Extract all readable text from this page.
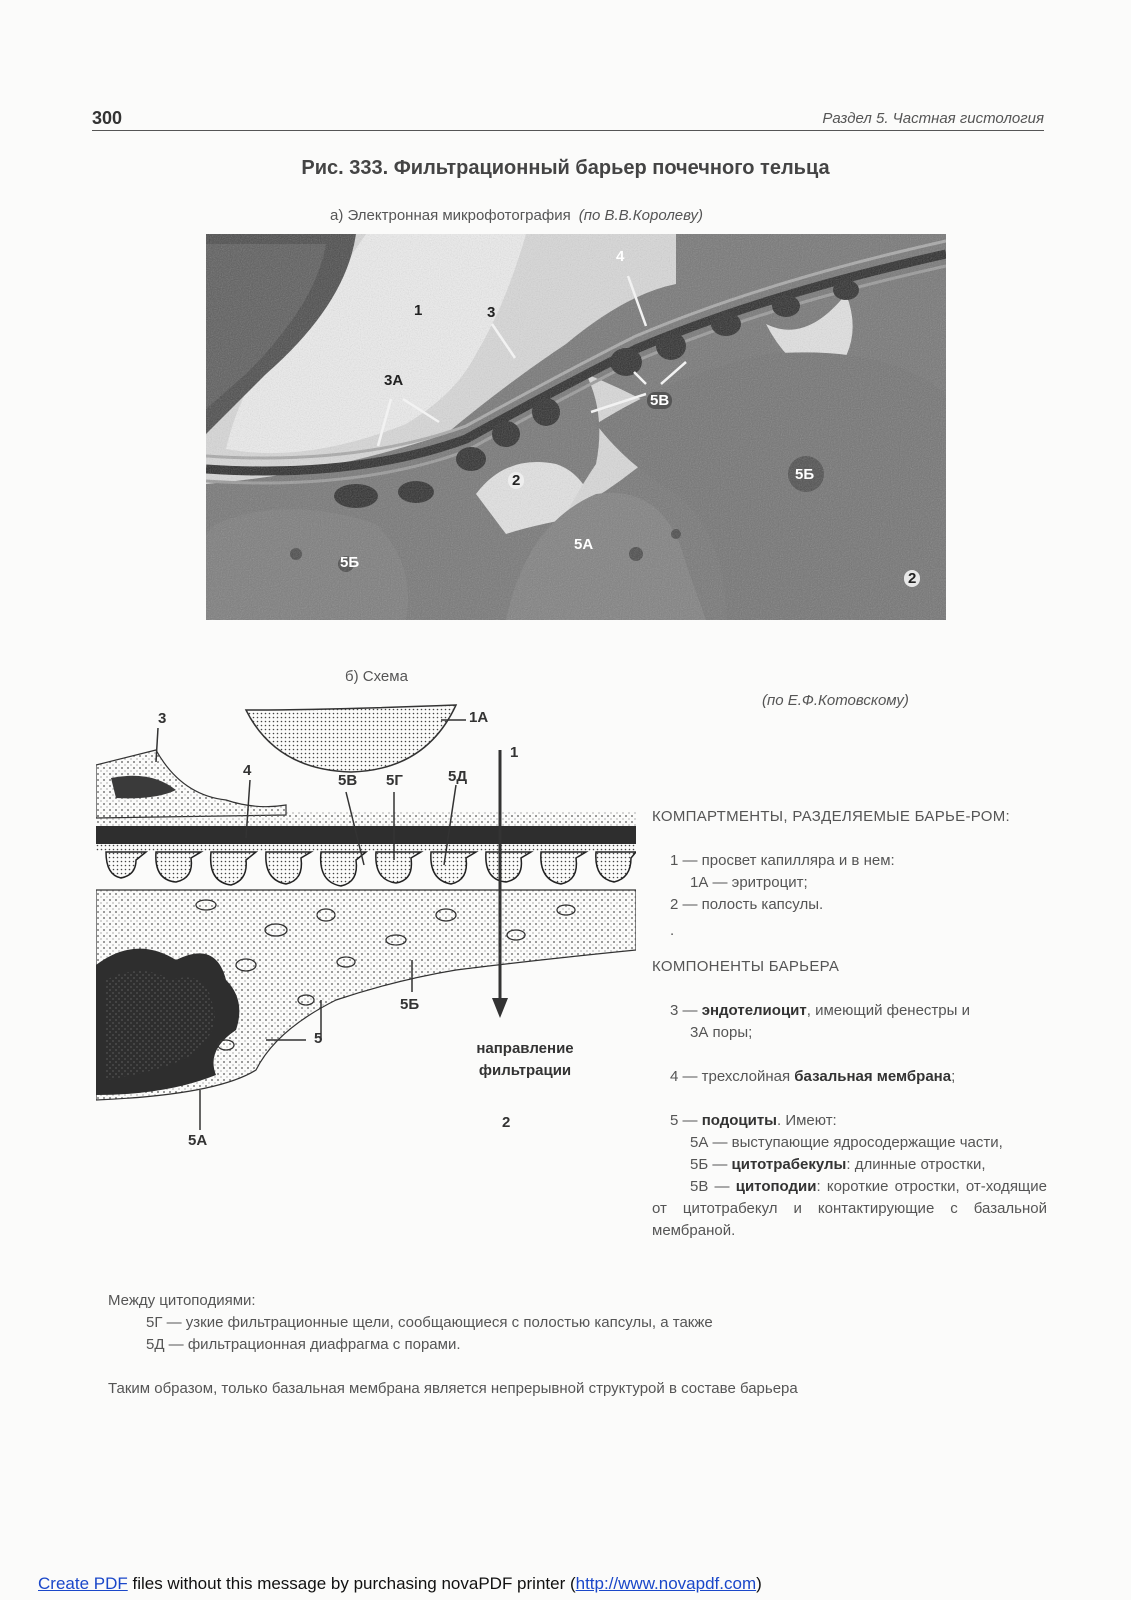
300	Раздел 5. Частная гистология
Рис. 333. Фильтрационный барьер почечного тельца
а) Электронная микрофотография (по В.В.Королеву)
1	3
4
3А
5В
2	5Б
5А
5Б
2
б) Схема
(по Е.Ф.Котовскому)
3	1А
1
4
5В 5Г	5Д
5Б
5
5А
2
направление
фильтрации

КОМПАРТМЕНТЫ, РАЗДЕЛЯЕМЫЕ БАРЬЕ-РОМ:

1 — просвет капилляра и в нем:

1А — эритроцит;

2 — полость капсулы.

.

КОМПОНЕНТЫ БАРЬЕРА

3 — эндотелиоцит, имеющий фенестры и

3А поры;

4 — трехслойная базальная мембрана;

5 — подоциты. Имеют:

5А — выступающие ядросодержащие части,

5Б — цитотрабекулы: длинные отростки,

5В — цитоподии: короткие отростки, от-ходящие от цитотрабекул и контактирующие с базальной мембраной.

Между цитоподиями:

5Г — узкие фильтрационные щели, сообщающиеся с полостью капсулы, а также

5Д — фильтрационная диафрагма с порами.

Таким образом, только базальная мембрана является непрерывной структурой в составе барьера

Create PDF files without this message by purchasing novaPDF printer (http://www.novapdf.com)
